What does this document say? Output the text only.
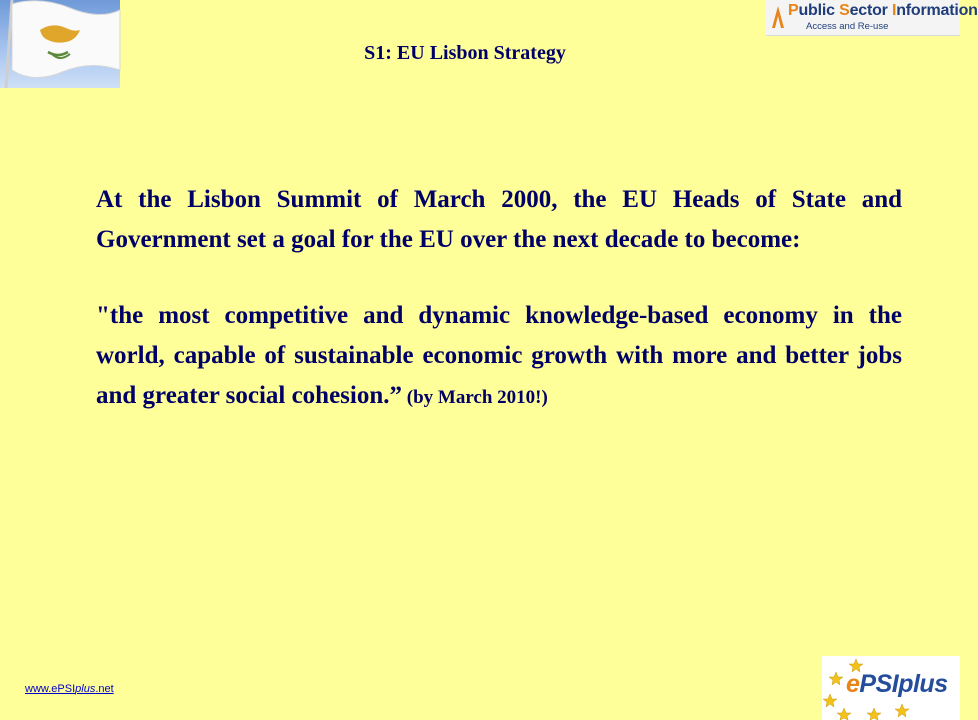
Public Sector Information
Access and Re-use
S1: EU Lisbon Strategy

At the Lisbon Summit of March 2000, the EU Heads of State and Government set a goal for the EU over the next decade to become:

"the most competitive and dynamic knowledge-based economy in the world, capable of sustainable economic growth with more and better jobs and greater social cohesion.” (by March 2010!)

www.ePSIplus.net	ePSIplus
